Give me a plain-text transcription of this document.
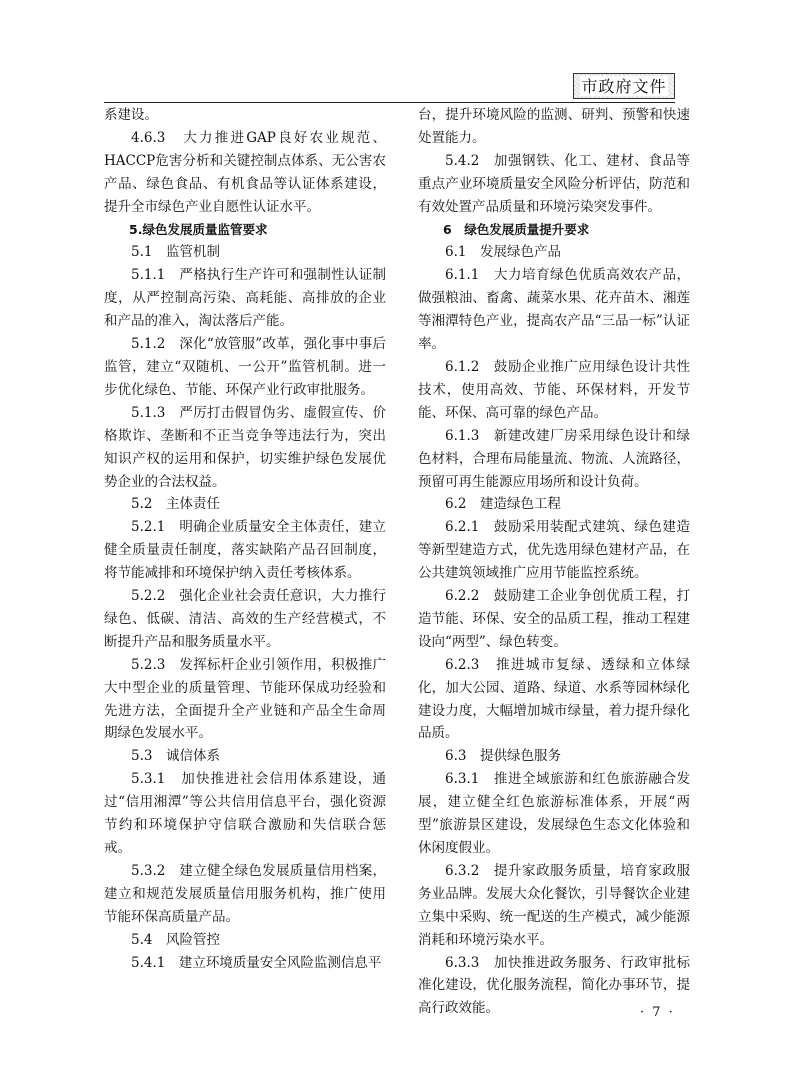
市政府文件

系建设。

4.6.3　大力推进GAP良好农业规范、HACCP危害分析和关键控制点体系、无公害农产品、绿色食品、有机食品等认证体系建设，提升全市绿色产业自愿性认证水平。

5.绿色发展质量监管要求

5.1　监管机制

5.1.1　严格执行生产许可和强制性认证制度，从严控制高污染、高耗能、高排放的企业和产品的准入，淘汰落后产能。

5.1.2　深化“放管服”改革，强化事中事后监管，建立“双随机、一公开”监管机制。进一步优化绿色、节能、环保产业行政审批服务。

5.1.3　严厉打击假冒伪劣、虚假宣传、价格欺诈、垄断和不正当竞争等违法行为，突出知识产权的运用和保护，切实维护绿色发展优势企业的合法权益。

5.2　主体责任

5.2.1　明确企业质量安全主体责任，建立健全质量责任制度，落实缺陷产品召回制度，将节能减排和环境保护纳入责任考核体系。

5.2.2　强化企业社会责任意识，大力推行绿色、低碳、清洁、高效的生产经营模式，不断提升产品和服务质量水平。

5.2.3　发挥标杆企业引领作用，积极推广大中型企业的质量管理、节能环保成功经验和先进方法，全面提升全产业链和产品全生命周期绿色发展水平。

5.3　诚信体系

5.3.1　加快推进社会信用体系建设，通过“信用湘潭”等公共信用信息平台，强化资源节约和环境保护守信联合激励和失信联合惩戒。

5.3.2　建立健全绿色发展质量信用档案，建立和规范发展质量信用服务机构，推广使用节能环保高质量产品。

5.4　风险管控

5.4.1　建立环境质量安全风险监测信息平

台，提升环境风险的监测、研判、预警和快速处置能力。

5.4.2　加强钢铁、化工、建材、食品等重点产业环境质量安全风险分析评估，防范和有效处置产品质量和环境污染突发事件。

6　绿色发展质量提升要求

6.1　发展绿色产品

6.1.1　大力培育绿色优质高效农产品，做强粮油、畜禽、蔬菜水果、花卉苗木、湘莲等湘潭特色产业，提高农产品“三品一标”认证率。

6.1.2　鼓励企业推广应用绿色设计共性技术，使用高效、节能、环保材料，开发节能、环保、高可靠的绿色产品。

6.1.3　新建改建厂房采用绿色设计和绿色材料，合理布局能量流、物流、人流路径，预留可再生能源应用场所和设计负荷。

6.2　建造绿色工程

6.2.1　鼓励采用装配式建筑、绿色建造等新型建造方式，优先选用绿色建材产品，在公共建筑领域推广应用节能监控系统。

6.2.2　鼓励建工企业争创优质工程，打造节能、环保、安全的品质工程，推动工程建设向“两型”、绿色转变。

6.2.3　推进城市复绿、透绿和立体绿化，加大公园、道路、绿道、水系等园林绿化建设力度，大幅增加城市绿量，着力提升绿化品质。

6.3　提供绿色服务

6.3.1　推进全域旅游和红色旅游融合发展，建立健全红色旅游标准体系，开展“两型”旅游景区建设，发展绿色生态文化体验和休闲度假业。

6.3.2　提升家政服务质量，培育家政服务业品牌。发展大众化餐饮，引导餐饮企业建立集中采购、统一配送的生产模式，减少能源消耗和环境污染水平。

6.3.3　加快推进政务服务、行政审批标准化建设，优化服务流程，简化办事环节，提高行政效能。	· 7 ·
